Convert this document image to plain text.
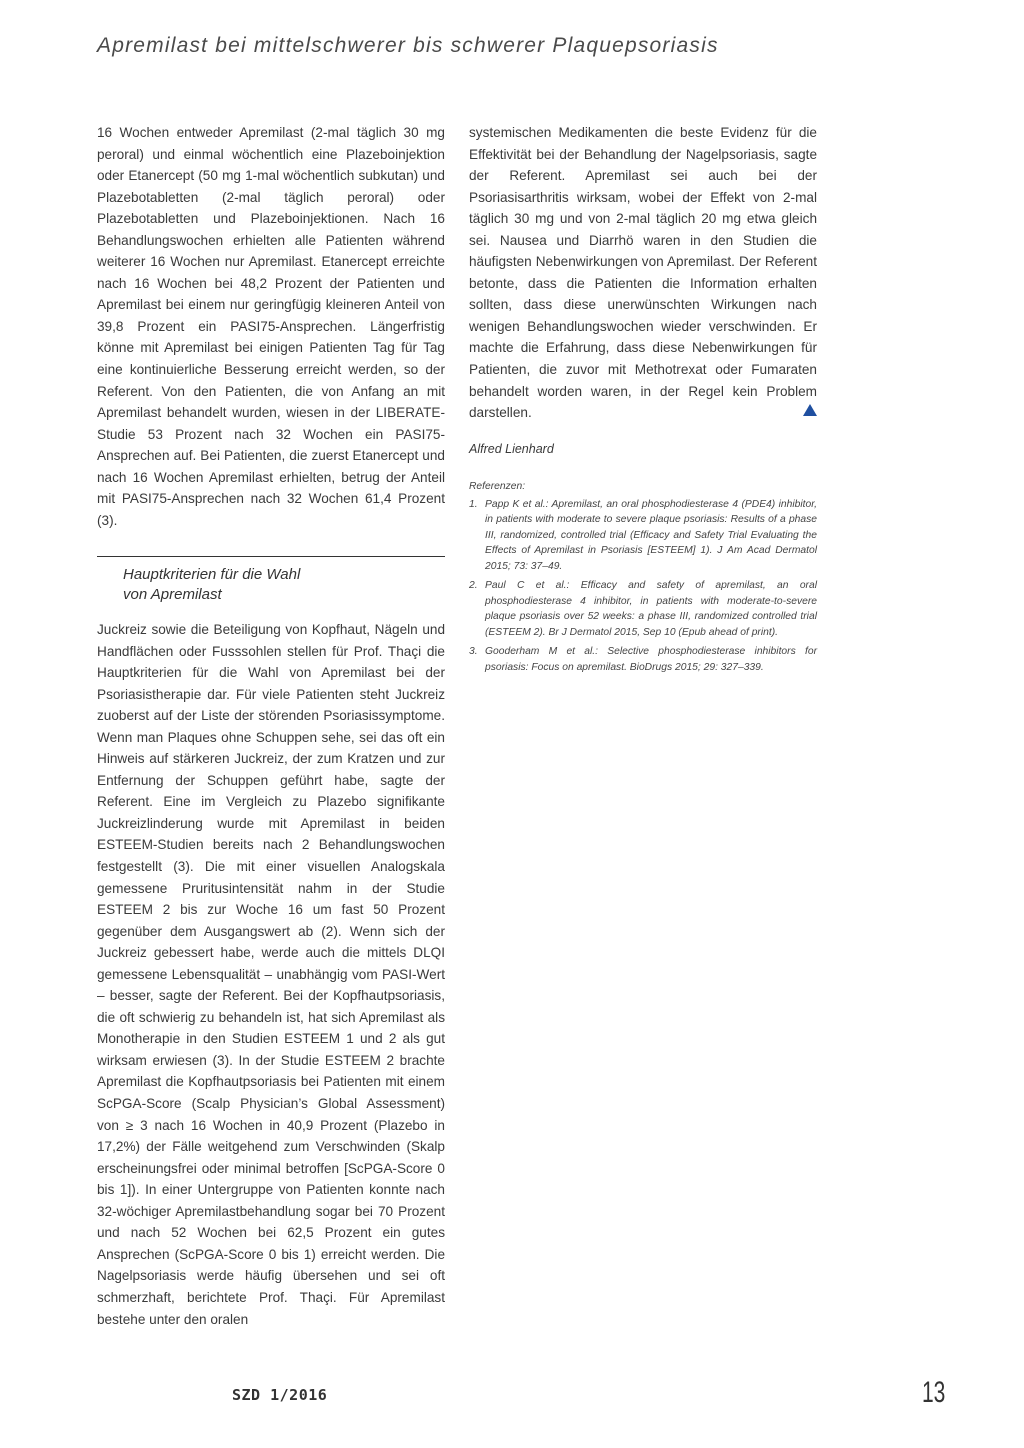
Apremilast bei mittelschwerer bis schwerer Plaquepsoriasis

16 Wochen entweder Apremilast (2-mal täglich 30 mg peroral) und einmal wöchentlich eine Plazeboinjektion oder Etanercept (50 mg 1-mal wöchentlich subkutan) und Plazebotabletten (2-mal täglich peroral) oder Plazebotabletten und Plazeboinjektionen. Nach 16 Behandlungswochen erhielten alle Patienten während weiterer 16 Wochen nur Apremilast. Etanercept erreichte nach 16 Wochen bei 48,2 Prozent der Patienten und Apremilast bei einem nur geringfügig kleineren Anteil von 39,8 Prozent ein PASI75-Ansprechen. Längerfristig könne mit Apremilast bei einigen Patienten Tag für Tag eine kontinuierliche Besserung erreicht werden, so der Referent. Von den Patienten, die von Anfang an mit Apremilast behandelt wurden, wiesen in der LIBERATE-Studie 53 Prozent nach 32 Wochen ein PASI75-Ansprechen auf. Bei Patienten, die zuerst Etanercept und nach 16 Wochen Apremilast erhielten, betrug der Anteil mit PASI75-Ansprechen nach 32 Wochen 61,4 Prozent (3).

Hauptkriterien für die Wahl
von Apremilast

Juckreiz sowie die Beteiligung von Kopfhaut, Nägeln und Handflächen oder Fusssohlen stellen für Prof. Thaçi die Hauptkriterien für die Wahl von Apremilast bei der Psoriasistherapie dar. Für viele Patienten steht Juckreiz zuoberst auf der Liste der störenden Psoriasissymptome. Wenn man Plaques ohne Schuppen sehe, sei das oft ein Hinweis auf stärkeren Juckreiz, der zum Kratzen und zur Entfernung der Schuppen geführt habe, sagte der Referent. Eine im Vergleich zu Plazebo signifikante Juckreizlinderung wurde mit Apremilast in beiden ESTEEM-Studien bereits nach 2 Behandlungswochen festgestellt (3). Die mit einer visuellen Analogskala gemessene Pruritusintensität nahm in der Studie ESTEEM 2 bis zur Woche 16 um fast 50 Prozent gegenüber dem Ausgangswert ab (2). Wenn sich der Juckreiz gebessert habe, werde auch die mittels DLQI gemessene Lebensqualität – unabhängig vom PASI-Wert – besser, sagte der Referent. Bei der Kopfhautpsoriasis, die oft schwierig zu behandeln ist, hat sich Apremilast als Monotherapie in den Studien ESTEEM 1 und 2 als gut wirksam erwiesen (3). In der Studie ESTEEM 2 brachte Apremilast die Kopfhautpsoriasis bei Patienten mit einem ScPGA-Score (Scalp Physician’s Global Assessment) von ≥ 3 nach 16 Wochen in 40,9 Prozent (Plazebo in 17,2%) der Fälle weitgehend zum Verschwinden (Skalp erscheinungsfrei oder minimal betroffen [ScPGA-Score 0 bis 1]). In einer Untergruppe von Patienten konnte nach 32-wöchiger Apremilastbehandlung sogar bei 70 Prozent und nach 52 Wochen bei 62,5 Prozent ein gutes Ansprechen (ScPGA-Score 0 bis 1) erreicht werden. Die Nagelpsoriasis werde häufig übersehen und sei oft schmerzhaft, berichtete Prof. Thaçi. Für Apremilast bestehe unter den oralen

systemischen Medikamenten die beste Evidenz für die Effektivität bei der Behandlung der Nagelpsoriasis, sagte der Referent. Apremilast sei auch bei der Psoriasisarthritis wirksam, wobei der Effekt von 2-mal täglich 30 mg und von 2-mal täglich 20 mg etwa gleich sei. Nausea und Diarrhö waren in den Studien die häufigsten Nebenwirkungen von Apremilast. Der Referent betonte, dass die Patienten die Information erhalten sollten, dass diese unerwünschten Wirkungen nach wenigen Behandlungswochen wieder verschwinden. Er machte die Erfahrung, dass diese Nebenwirkungen für Patienten, die zuvor mit Methotrexat oder Fumaraten behandelt worden waren, in der Regel kein Problem darstellen.

Alfred Lienhard
Referenzen:
1. Papp K et al.: Apremilast, an oral phosphodiesterase 4 (PDE4) inhibitor, in patients with moderate to severe plaque psoriasis: Results of a phase III, randomized, controlled trial (Efficacy and Safety Trial Evaluating the Effects of Apremilast in Psoriasis [ESTEEM] 1). J Am Acad Dermatol 2015; 73: 37–49.
2. Paul C et al.: Efficacy and safety of apremilast, an oral phosphodiesterase 4 inhibitor, in patients with moderate-to-severe plaque psoriasis over 52 weeks: a phase III, randomized controlled trial (ESTEEM 2). Br J Dermatol 2015, Sep 10 (Epub ahead of print).
3. Gooderham M et al.: Selective phosphodiesterase inhibitors for psoriasis: Focus on apremilast. BioDrugs 2015; 29: 327–339.
SZD 1/2016	13
